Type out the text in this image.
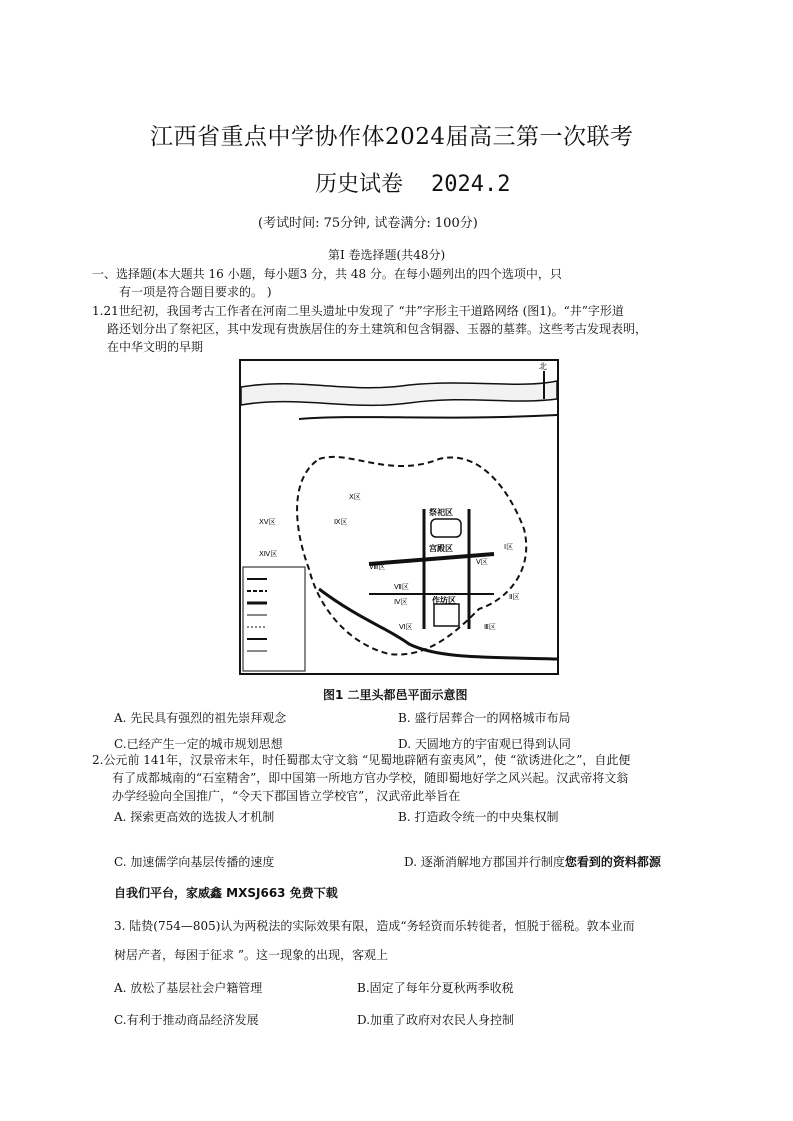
江西省重点中学协作体2024届高三第一次联考
历史试卷 2024.2
(考试时间: 75分钟, 试卷满分: 100分)
第Ⅰ 卷选择题(共48分)
一、选择题(本大题共 16 小题，每小题3 分，共 48 分。在每小题列出的四个选项中，只
有一项是符合题目要求的。 )
1.21世纪初，我国考古工作者在河南二里头遗址中发现了 “井”字形主干道路网络 (图1)。“井”字形道
路还划分出了祭祀区，其中发现有贵族居住的夯土建筑和包含铜器、玉器的墓葬。这些考古发现表明，
在中华文明的早期
北
祭祀区
宫殿区
作坊区
Ⅰ区
Ⅱ区
Ⅲ区
Ⅳ区
Ⅴ区
Ⅵ区
Ⅶ区
Ⅷ区
Ⅸ区
Ⅹ区
ⅩⅣ区
ⅩⅤ区
图1 二里头都邑平面示意图
A. 先民具有强烈的祖先崇拜观念	B. 盛行居葬合一的网格城市布局
C.已经产生一定的城市规划思想	D. 天圆地方的宇宙观已得到认同
2.公元前 141年，汉景帝末年，时任蜀郡太守文翁 “见蜀地辟陋有蛮夷风”，使 “欲诱进化之”，自此便
有了成都城南的“石室精舍”，即中国第一所地方官办学校，随即蜀地好学之风兴起。汉武帝将文翁
办学经验向全国推广，“令天下郡国皆立学校官”，汉武帝此举旨在
A. 探索更高效的选拔人才机制	B. 打造政令统一的中央集权制
C. 加速儒学向基层传播的速度	D. 逐渐消解地方郡国并行制度您看到的资料都源
自我们平台，家威鑫 MXSJ663 免费下载
3. 陆贽(754—805)认为两税法的实际效果有限，造成“务轻资而乐转徙者，恒脱于徭税。敦本业而
树居产者，每困于征求 ”。这一现象的出现，客观上
A. 放松了基层社会户籍管理	B.固定了每年分夏秋两季收税
C.有利于推动商品经济发展	D.加重了政府对农民人身控制
